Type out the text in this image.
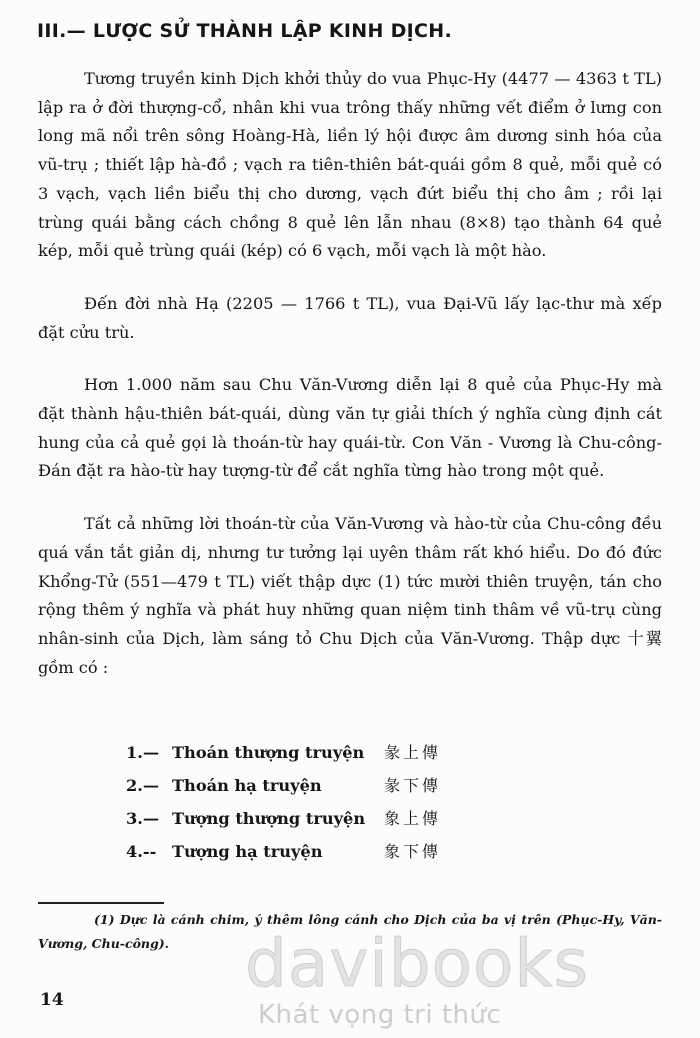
III.— LƯỢC SỬ THÀNH LẬP KINH DỊCH.

Tương truyền kinh Dịch khởi thủy do vua Phục-Hy (4477 — 4363 t TL) lập ra ở đời thượng-cổ, nhân khi vua trông thấy những vết điểm ở lưng con long mã nổi trên sông Hoàng-Hà, liền lý hội được âm dương sinh hóa của vũ-trụ ; thiết lập hà-đồ ; vạch ra tiên-thiên bát-quái gồm 8 quẻ, mỗi quẻ có 3 vạch, vạch liền biểu thị cho dương, vạch đứt biểu thị cho âm ; rồi lại trùng quái bằng cách chồng 8 quẻ lên lẫn nhau (8×8) tạo thành 64 quẻ kép, mỗi quẻ trùng quái (kép) có 6 vạch, mỗi vạch là một hào.

Đến đời nhà Hạ (2205 — 1766 t TL), vua Đại-Vũ lấy lạc-thư mà xếp đặt cửu trù.

Hơn 1.000 năm sau Chu Văn-Vương diễn lại 8 quẻ của Phục-Hy mà đặt thành hậu-thiên bát-quái, dùng văn tự giải thích ý nghĩa cùng định cát hung của cả quẻ gọi là thoán-từ hay quái-từ. Con Văn - Vương là Chu-công-Đán đặt ra hào-từ hay tượng-từ để cắt nghĩa từng hào trong một quẻ.

Tất cả những lời thoán-từ của Văn-Vương và hào-từ của Chu-công đều quá vắn tắt giản dị, nhưng tư tưởng lại uyên thâm rất khó hiểu. Do đó đức Khổng-Tử (551—479 t TL) viết thập dực (1) tức mười thiên truyện, tán cho rộng thêm ý nghĩa và phát huy những quan niệm tinh thâm về vũ-trụ cùng nhân-sinh của Dịch, làm sáng tỏ Chu Dịch của Văn-Vương. Thập dực 十翼 gồm có :

1.— Thoán thượng truyện	彖上傳
2.— Thoán hạ truyện	彖下傳
3.— Tượng thượng truyện	象上傳
4.-- Tượng hạ truyện	象下傳
(1) Dực là cánh chim, ý thêm lông cánh cho Dịch của ba vị trên (Phục-Hy, Văn-Vương, Chu-công).
14	davibooks
Khát vọng tri thức
